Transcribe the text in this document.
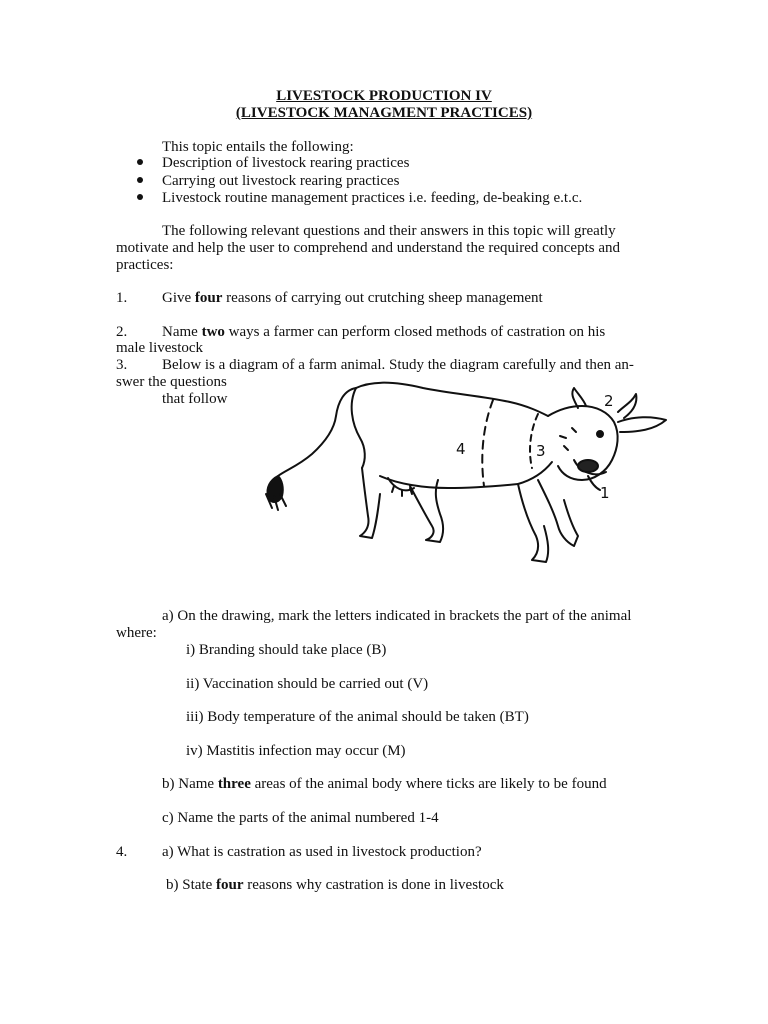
LIVESTOCK PRODUCTION IV
(LIVESTOCK MANAGMENT PRACTICES)
This topic entails the following:
Description of livestock rearing practices
Carrying out livestock rearing practices
Livestock routine management practices i.e. feeding, de-beaking e.t.c.
The following relevant questions and their answers in this topic will greatly
motivate and help the user to comprehend and understand the required concepts and
practices:
1. Give four reasons of carrying out crutching sheep management
2. Name two ways a farmer can perform closed methods of castration on his
male livestock
3. Below is a diagram of a farm animal. Study the diagram carefully and then an-
swer the questions
that follow
1
2
3
4
a) On the drawing, mark the letters indicated in brackets the part of the animal
where:
i) Branding should take place (B)
ii) Vaccination should be carried out (V)
iii) Body temperature of the animal should be taken (BT)
iv) Mastitis infection may occur (M)
b) Name three areas of the animal body where ticks are likely to be found
c) Name the parts of the animal numbered 1-4
4. a) What is castration as used in livestock production?
b) State four reasons why castration is done in livestock
